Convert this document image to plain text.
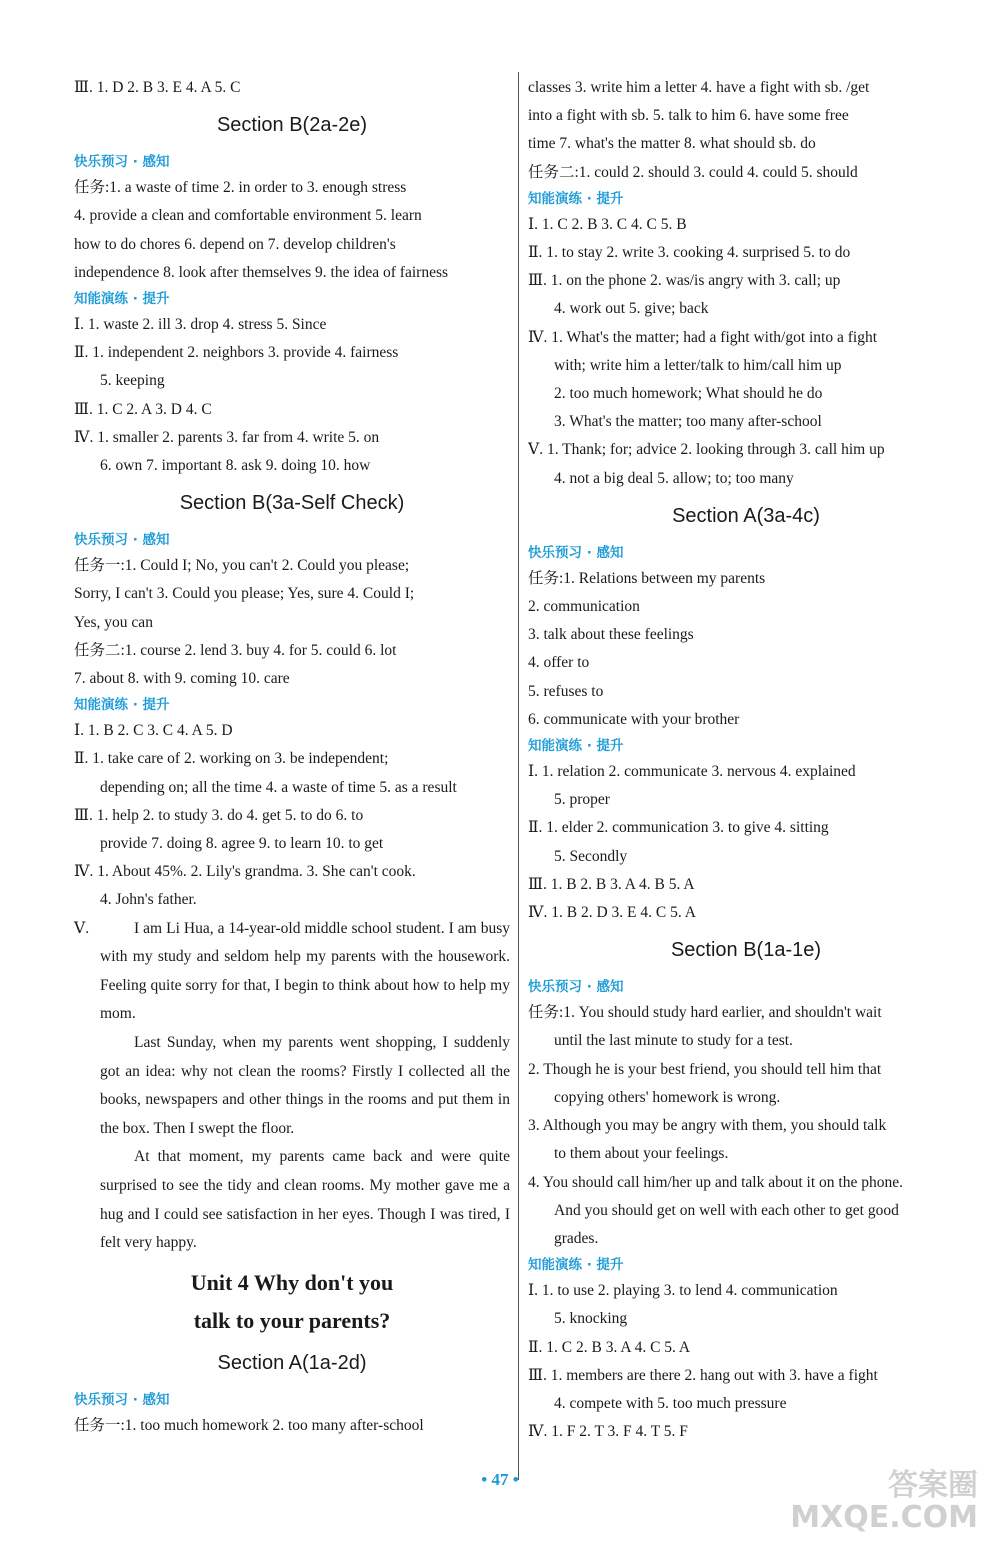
Ⅲ. 1. D 2. B 3. E 4. A 5. C
Section B(2a-2e)
快乐预习 · 感知
任务:1. a waste of time 2. in order to 3. enough stress
4. provide a clean and comfortable environment 5. learn
how to do chores 6. depend on 7. develop children's
independence 8. look after themselves 9. the idea of fairness
知能演练 · 提升
Ⅰ. 1. waste 2. ill 3. drop 4. stress 5. Since
Ⅱ. 1. independent 2. neighbors 3. provide 4. fairness
5. keeping
Ⅲ. 1. C 2. A 3. D 4. C
Ⅳ. 1. smaller 2. parents 3. far from 4. write 5. on
6. own 7. important 8. ask 9. doing 10. how
Section B(3a-Self Check)
快乐预习 · 感知
任务一:1. Could I; No, you can't 2. Could you please;
Sorry, I can't 3. Could you please; Yes, sure 4. Could I;
Yes, you can
任务二:1. course 2. lend 3. buy 4. for 5. could 6. lot
7. about 8. with 9. coming 10. care
知能演练 · 提升
Ⅰ. 1. B 2. C 3. C 4. A 5. D
Ⅱ. 1. take care of 2. working on 3. be independent;
depending on; all the time 4. a waste of time 5. as a result
Ⅲ. 1. help 2. to study 3. do 4. get 5. to do 6. to
provide 7. doing 8. agree 9. to learn 10. to get
Ⅳ. 1. About 45%. 2. Lily's grandma. 3. She can't cook.
4. John's father.
Ⅴ.	I am Li Hua, a 14-year-old middle school student. I am busy with my study and seldom help my parents with the housework. Feeling quite sorry for that, I begin to think about how to help my mom.

Last Sunday, when my parents went shopping, I suddenly got an idea: why not clean the rooms? Firstly I collected all the books, newspapers and other things in the rooms and put them in the box. Then I swept the floor.

At that moment, my parents came back and were quite surprised to see the tidy and clean rooms. My mother gave me a hug and I could see satisfaction in her eyes. Though I was tired, I felt very happy.

Unit 4 Why don't you
talk to your parents?
Section A(1a-2d)
快乐预习 · 感知
任务一:1. too much homework 2. too many after-school
classes 3. write him a letter 4. have a fight with sb. /get
into a fight with sb. 5. talk to him 6. have some free
time 7. what's the matter 8. what should sb. do
任务二:1. could 2. should 3. could 4. could 5. should
知能演练 · 提升
Ⅰ. 1. C 2. B 3. C 4. C 5. B
Ⅱ. 1. to stay 2. write 3. cooking 4. surprised 5. to do
Ⅲ. 1. on the phone 2. was/is angry with 3. call; up
4. work out 5. give; back
Ⅳ. 1. What's the matter; had a fight with/got into a fight
with; write him a letter/talk to him/call him up
2. too much homework; What should he do
3. What's the matter; too many after-school
Ⅴ. 1. Thank; for; advice 2. looking through 3. call him up
4. not a big deal 5. allow; to; too many
Section A(3a-4c)
快乐预习 · 感知
任务:1. Relations between my parents
2. communication
3. talk about these feelings
4. offer to
5. refuses to
6. communicate with your brother
知能演练 · 提升
Ⅰ. 1. relation 2. communicate 3. nervous 4. explained
5. proper
Ⅱ. 1. elder 2. communication 3. to give 4. sitting
5. Secondly
Ⅲ. 1. B 2. B 3. A 4. B 5. A
Ⅳ. 1. B 2. D 3. E 4. C 5. A
Section B(1a-1e)
快乐预习 · 感知
任务:1. You should study hard earlier, and shouldn't wait
until the last minute to study for a test.
2. Though he is your best friend, you should tell him that
copying others' homework is wrong.
3. Although you may be angry with them, you should talk
to them about your feelings.
4. You should call him/her up and talk about it on the phone.
And you should get on well with each other to get good
grades.
知能演练 · 提升
Ⅰ. 1. to use 2. playing 3. to lend 4. communication
5. knocking
Ⅱ. 1. C 2. B 3. A 4. C 5. A
Ⅲ. 1. members are there 2. hang out with 3. have a fight
4. compete with 5. too much pressure
Ⅳ. 1. F 2. T 3. F 4. T 5. F
• 47 •	答案圈
MXQE.COM
